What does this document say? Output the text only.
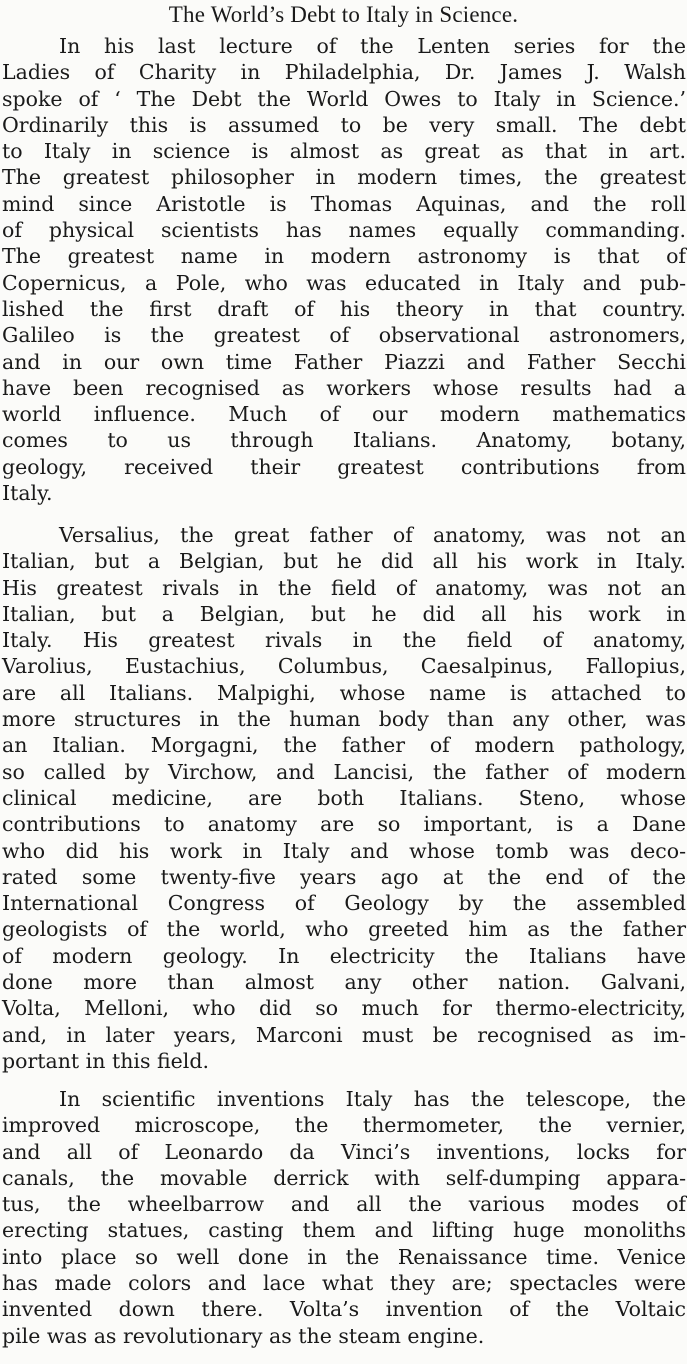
The World’s Debt to Italy in Science.
In his last lecture of the Lenten series for the
Ladies of Charity in Philadelphia, Dr. James J. Walsh
spoke of ‘ The Debt the World Owes to Italy in Science.’
Ordinarily this is assumed to be very small. The debt
to Italy in science is almost as great as that in art.
The greatest philosopher in modern times, the greatest
mind since Aristotle is Thomas Aquinas, and the roll
of physical scientists has names equally commanding.
The greatest name in modern astronomy is that of
Copernicus, a Pole, who was educated in Italy and pub-
lished the first draft of his theory in that country.
Galileo is the greatest of observational astronomers,
and in our own time Father Piazzi and Father Secchi
have been recognised as workers whose results had a
world influence. Much of our modern mathematics
comes to us through Italians. Anatomy, botany,
geology, received their greatest contributions from
Italy.
Versalius, the great father of anatomy, was not an
Italian, but a Belgian, but he did all his work in Italy.
His greatest rivals in the field of anatomy, was not an
Italian, but a Belgian, but he did all his work in
Italy. His greatest rivals in the field of anatomy,
Varolius, Eustachius, Columbus, Caesalpinus, Fallopius,
are all Italians. Malpighi, whose name is attached to
more structures in the human body than any other, was
an Italian. Morgagni, the father of modern pathology,
so called by Virchow, and Lancisi, the father of modern
clinical medicine, are both Italians. Steno, whose
contributions to anatomy are so important, is a Dane
who did his work in Italy and whose tomb was deco-
rated some twenty-five years ago at the end of the
International Congress of Geology by the assembled
geologists of the world, who greeted him as the father
of modern geology. In electricity the Italians have
done more than almost any other nation. Galvani,
Volta, Melloni, who did so much for thermo-electricity,
and, in later years, Marconi must be recognised as im-
portant in this field.
In scientific inventions Italy has the telescope, the
improved microscope, the thermometer, the vernier,
and all of Leonardo da Vinci’s inventions, locks for
canals, the movable derrick with self-dumping appara-
tus, the wheelbarrow and all the various modes of
erecting statues, casting them and lifting huge monoliths
into place so well done in the Renaissance time. Venice
has made colors and lace what they are; spectacles were
invented down there. Volta’s invention of the Voltaic
pile was as revolutionary as the steam engine.
